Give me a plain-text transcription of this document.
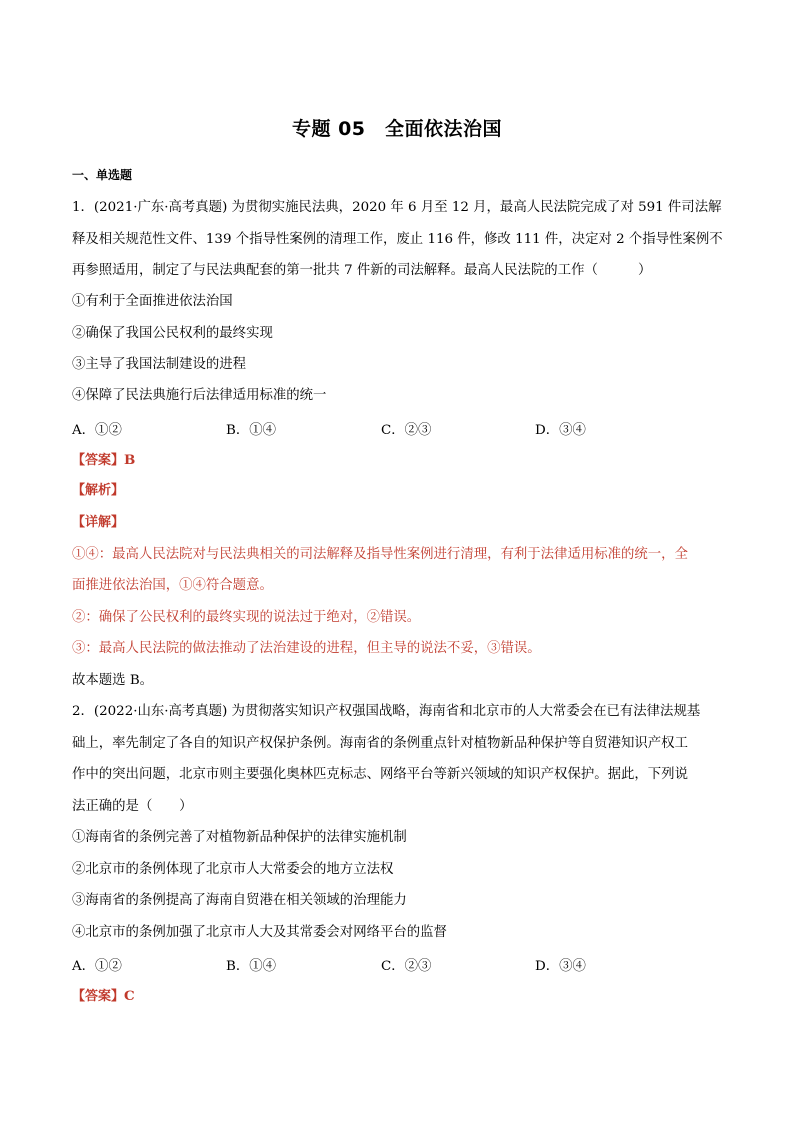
专题 05　全面依法治国
一、单选题
1．(2021·广东·高考真题) 为贯彻实施民法典，2020 年 6 月至 12 月，最高人民法院完成了对 591 件司法解
释及相关规范性文件、139 个指导性案例的清理工作，废止 116 件，修改 111 件，决定对 2 个指导性案例不
再参照适用，制定了与民法典配套的第一批共 7 件新的司法解释。最高人民法院的工作（　　　）
①有利于全面推进依法治国
②确保了我国公民权利的最终实现
③主导了我国法制建设的进程
④保障了民法典施行后法律适用标准的统一
A．①②	B．①④	C．②③	D．③④
【答案】B
【解析】
【详解】
①④：最高人民法院对与民法典相关的司法解释及指导性案例进行清理，有利于法律适用标准的统一，全
面推进依法治国，①④符合题意。
②：确保了公民权利的最终实现的说法过于绝对，②错误。
③：最高人民法院的做法推动了法治建设的进程，但主导的说法不妥，③错误。
故本题选 B。
2．(2022·山东·高考真题) 为贯彻落实知识产权强国战略，海南省和北京市的人大常委会在已有法律法规基
础上，率先制定了各自的知识产权保护条例。海南省的条例重点针对植物新品种保护等自贸港知识产权工
作中的突出问题，北京市则主要强化奥林匹克标志、网络平台等新兴领域的知识产权保护。据此，下列说
法正确的是（　　）
①海南省的条例完善了对植物新品种保护的法律实施机制
②北京市的条例体现了北京市人大常委会的地方立法权
③海南省的条例提高了海南自贸港在相关领域的治理能力
④北京市的条例加强了北京市人大及其常委会对网络平台的监督
A．①②	B．①④	C．②③	D．③④
【答案】C
